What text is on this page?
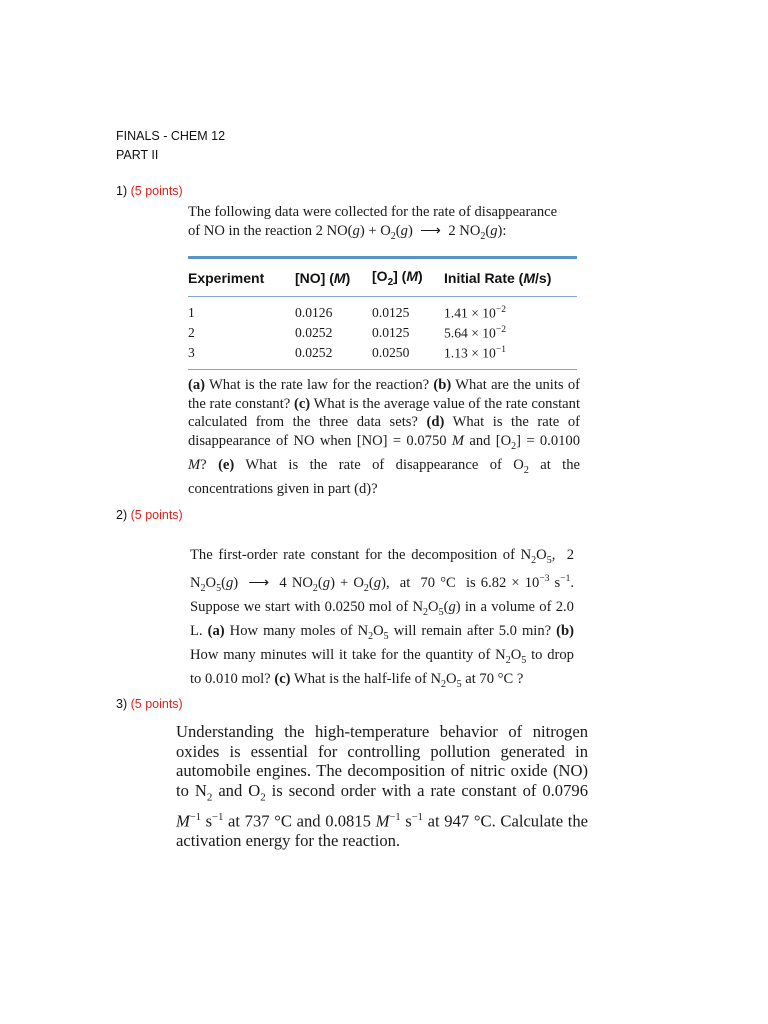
FINALS - CHEM 12
PART II
1) (5 points)
The following data were collected for the rate of disappearance
of NO in the reaction 2 $NO(g) + O_2(g)$  ⟶  2 $NO_2(g)$:
Experiment	[NO] (M)	$[O_2]$ (M)	Initial Rate (M/s)
1	0.0126	0.0125	$1.41 \times 10^{-2}$
2	0.0252	0.0125	$5.64 \times 10^{-2}$
3	0.0252	0.0250	$1.13 \times 10^{-1}$
(a) What is the rate law for the reaction? (b) What are the units of the rate constant? (c) What is the average value of the rate constant calculated from the three data sets? (d) What is the rate of disappearance of NO when [NO] = 0.0750 M and $[O_2] = 0.0100$ M? (e) What is the rate of disappearance of $O_2$ at the concentrations given in part (d)?
2) (5 points)
The first-order rate constant for the decomposition of $N_2O_5$,  2 $N_2O_5(g)$  ⟶  4 $NO_2(g) + O_2(g)$,  at  70 °C  is $6.82 \times 10^{-3}$ $s^{-1}$. Suppose we start with 0.0250 mol of $N_2O_5(g)$ in a volume of 2.0 L. (a) How many moles of $N_2O_5$ will remain after 5.0 min? (b) How many minutes will it take for the quantity of $N_2O_5$ to drop to 0.010 mol? (c) What is the half-life of $N_2O_5$ at 70 °C ?
3) (5 points)
Understanding the high-temperature behavior of nitrogen oxides is essential for controlling pollution generated in automobile engines. The decomposition of nitric oxide (NO) to $N_2$ and $O_2$ is second order with a rate constant of 0.0796 $M^{-1}$ $s^{-1}$ at 737 °C and 0.0815 $M^{-1}$ $s^{-1}$ at 947 °C. Calculate the activation energy for the reaction.
